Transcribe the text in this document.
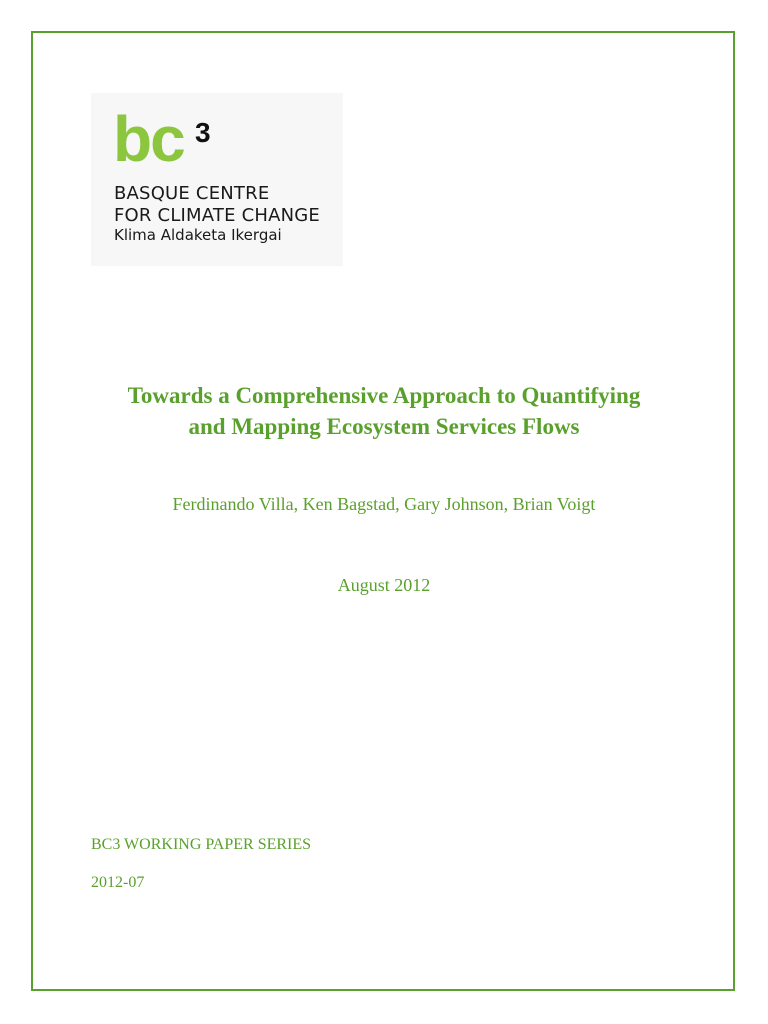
bc 3
BASQUE CENTRE
FOR CLIMATE CHANGE
Klima Aldaketa Ikergai
Towards a Comprehensive Approach to Quantifying
and Mapping Ecosystem Services Flows
Ferdinando Villa, Ken Bagstad, Gary Johnson, Brian Voigt
August 2012
BC3 WORKING PAPER SERIES
2012-07
